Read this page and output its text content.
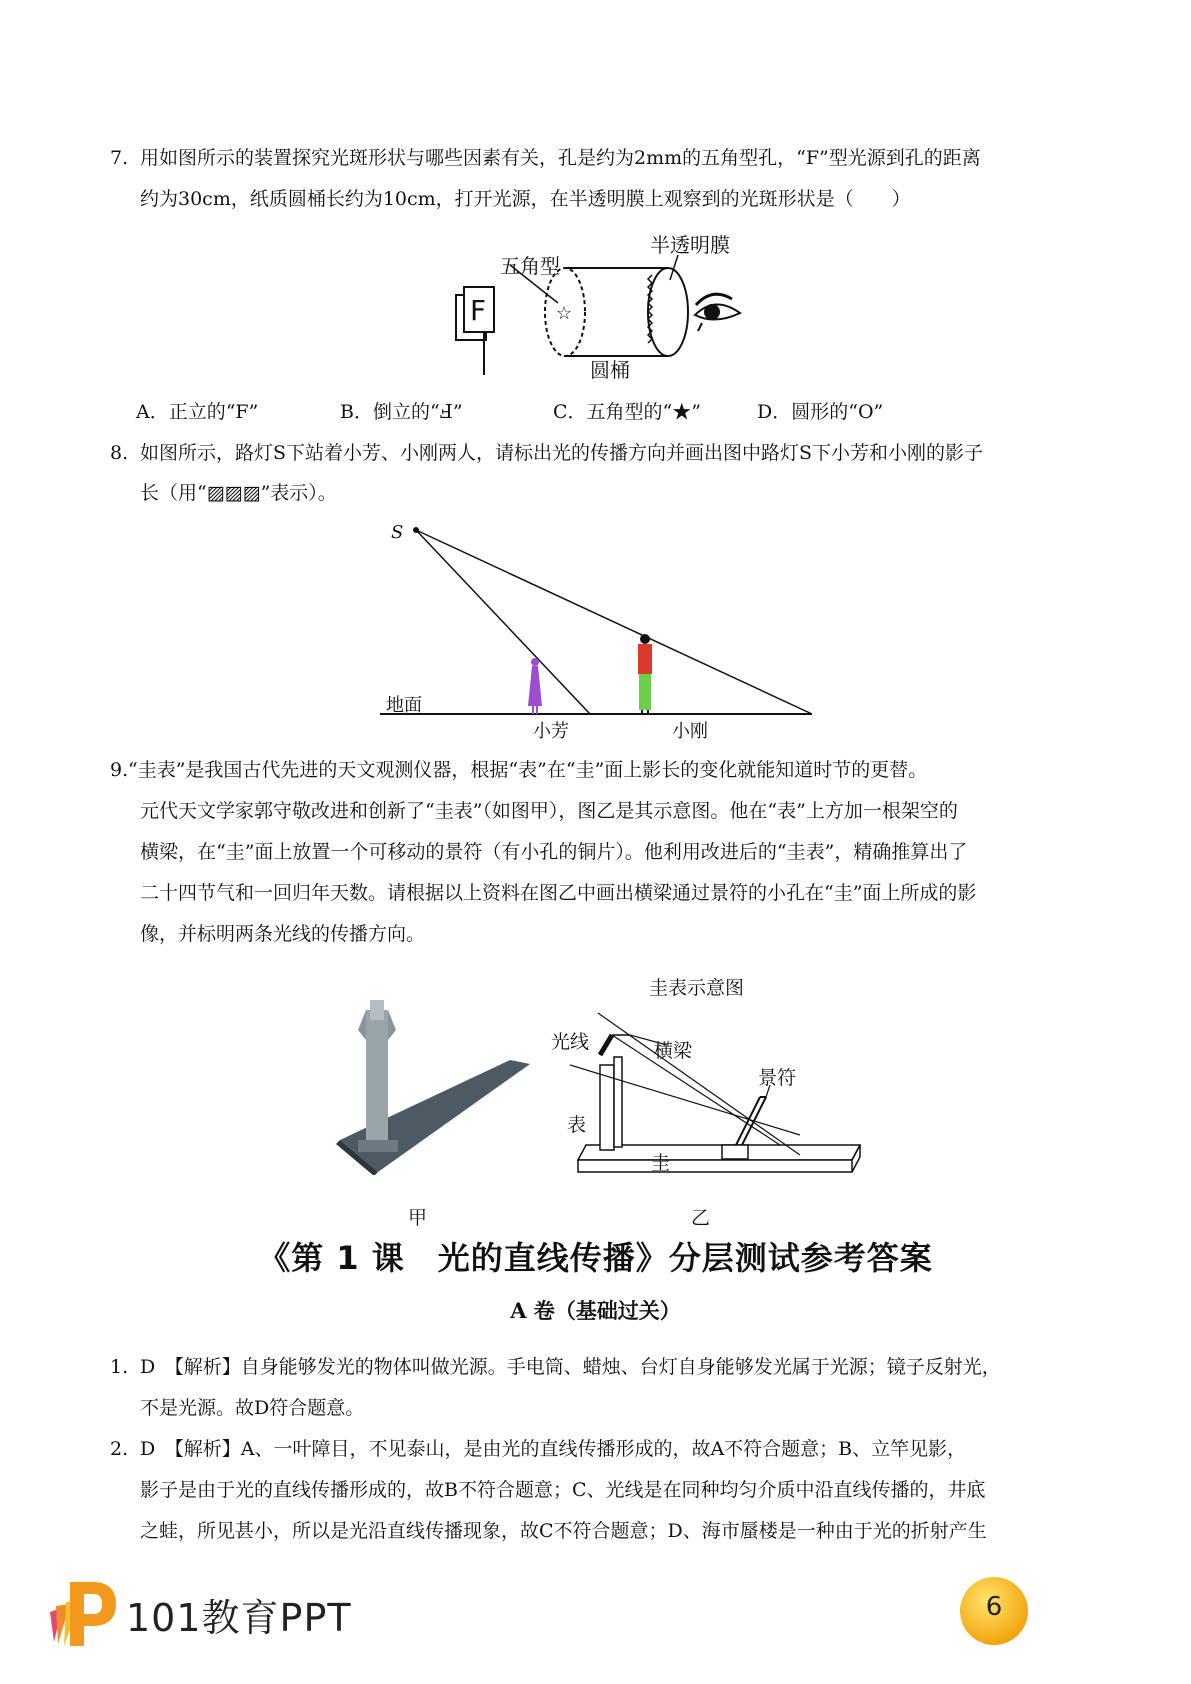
7. 用如图所示的装置探究光斑形状与哪些因素有关，孔是约为2mm的五角型孔，“F”型光源到孔的距离
约为30cm，纸质圆桶长约为10cm，打开光源，在半透明膜上观察到的光斑形状是（　　）
F	☆
五角型
半透明膜
圆桶
A．正立的“F”	B．倒立的“Ⅎ”	C．五角型的“★”	D．圆形的“O”
8. 如图所示，路灯S下站着小芳、小刚两人，请标出光的传播方向并画出图中路灯S下小芳和小刚的影子
长（用“▨▨▨”表示）。
S
地面
小芳	小刚
9. “圭表”是我国古代先进的天文观测仪器，根据“表”在“圭”面上影长的变化就能知道时节的更替。
元代天文学家郭守敬改进和创新了“圭表”（如图甲），图乙是其示意图。他在“表”上方加一根架空的
横梁，在“圭”面上放置一个可移动的景符（有小孔的铜片）。他利用改进后的“圭表”，精确推算出了
二十四节气和一回归年天数。请根据以上资料在图乙中画出横梁通过景符的小孔在“圭”面上所成的影
像，并标明两条光线的传播方向。
圭表示意图
光线	横梁
景符
表
圭
甲	乙
《第 1 课　光的直线传播》分层测试参考答案
A 卷（基础过关）
1. D　【解析】自身能够发光的物体叫做光源。手电筒、蜡烛、台灯自身能够发光属于光源；镜子反射光，
不是光源。故D符合题意。
2. D　【解析】A、一叶障目，不见泰山，是由光的直线传播形成的，故A不符合题意；B、立竿见影，
影子是由于光的直线传播形成的，故B不符合题意；C、光线是在同种均匀介质中沿直线传播的，井底
之蛙，所见甚小，所以是光沿直线传播现象，故C不符合题意；D、海市蜃楼是一种由于光的折射产生
101教育PPT	6
